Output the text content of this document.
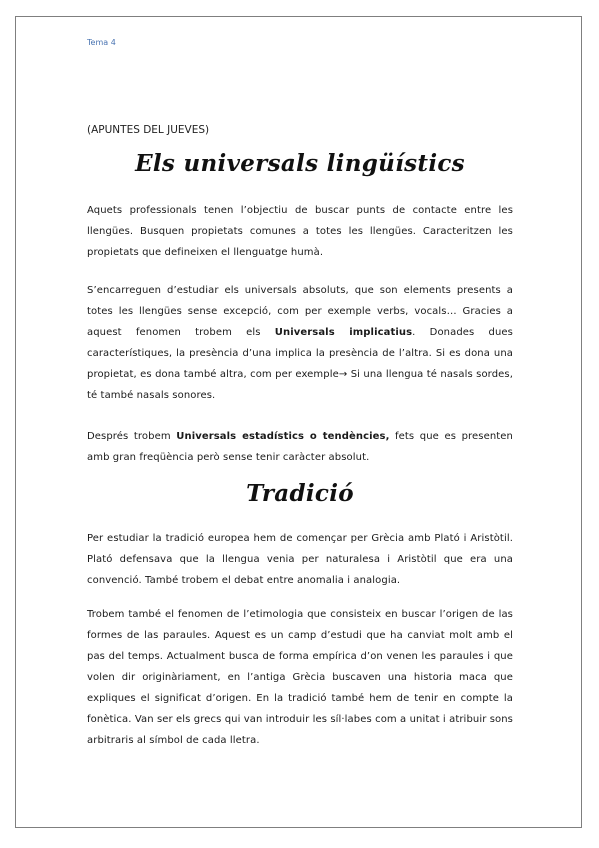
Tema 4
(APUNTES DEL JUEVES)
Els universals lingüístics

Aquets professionals tenen l’objectiu de buscar punts de contacte entre les llengües. Busquen propietats comunes a totes les llengües. Caracteritzen les propietats que defineixen el llenguatge humà.

S’encarreguen d’estudiar els universals absoluts, que son elements presents a totes les llengües sense excepció, com per exemple verbs, vocals… Gracies a aquest fenomen trobem els Universals implicatius. Donades dues característiques, la presència d’una implica la presència de l’altra. Si es dona una propietat, es dona també altra, com per exemple→ Si una llengua té nasals sordes, té també nasals sonores.

Després trobem Universals estadístics o tendències, fets que es presenten amb gran freqüència però sense tenir caràcter absolut.

Tradició

Per estudiar la tradició europea hem de començar per Grècia amb Plató i Aristòtil. Plató defensava que la llengua venia per naturalesa i Aristòtil que era una convenció. També trobem el debat entre anomalia i analogia.

Trobem també el fenomen de l’etimologia que consisteix en buscar l’origen de las formes de las paraules. Aquest es un camp d’estudi que ha canviat molt amb el pas del temps. Actualment busca de forma empírica d’on venen les paraules i que volen dir originàriament, en l’antiga Grècia buscaven una historia maca que expliques el significat d’origen. En la tradició també hem de tenir en compte la fonètica. Van ser els grecs qui van introduir les síl·labes com a unitat i atribuir sons arbitraris al símbol de cada lletra.
